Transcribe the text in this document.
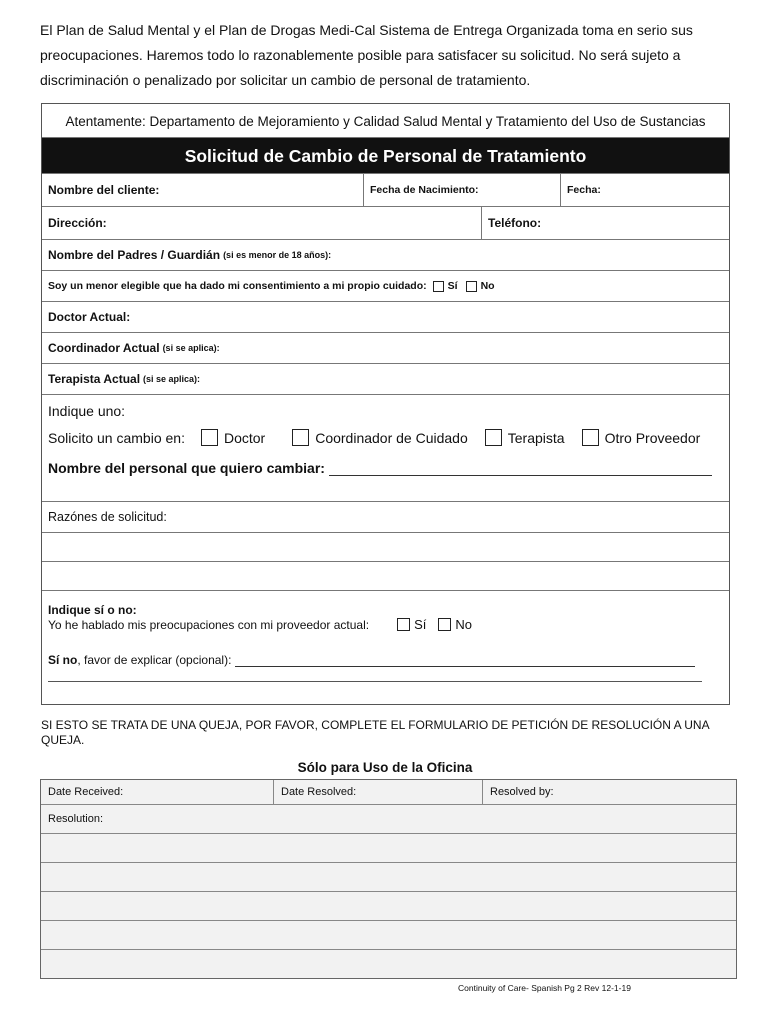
El Plan de Salud Mental y el Plan de Drogas Medi-Cal Sistema de Entrega Organizada toma en serio sus preocupaciones. Haremos todo lo razonablemente posible para satisfacer su solicitud. No será sujeto a discriminación o penalizado por solicitar un cambio de personal de tratamiento.
Atentamente: Departamento de Mejoramiento y Calidad Salud Mental y Tratamiento del Uso de Sustancias
Solicitud de Cambio de Personal de Tratamiento
Nombre del cliente:	Fecha de Nacimiento:	Fecha:
Dirección:	Teléfono:
Nombre del Padres / Guardián (si es menor de 18 años):
Soy un menor elegible que ha dado mi consentimiento a mi propio cuidado: Sí No
Doctor Actual:
Coordinador Actual (si se aplica):
Terapista Actual (si se aplica):
Indique uno:
Solicito un cambio en:	Doctor	Coordinador de Cuidado	Terapista	Otro Proveedor
Nombre del personal que quiero cambiar:
Razónes de solicitud:
Indique sí o no:
Yo he hablado mis preocupaciones con mi proveedor actual:	Sí No
Sí no, favor de explicar (opcional):
SI ESTO SE TRATA DE UNA QUEJA, POR FAVOR, COMPLETE EL FORMULARIO DE PETICIÓN DE RESOLUCIÓN A UNA QUEJA.
Sólo para Uso de la Oficina
Date Received:	Date Resolved:	Resolved by:
Resolution:
Continuity of Care- Spanish Pg 2 Rev 12-1-19
